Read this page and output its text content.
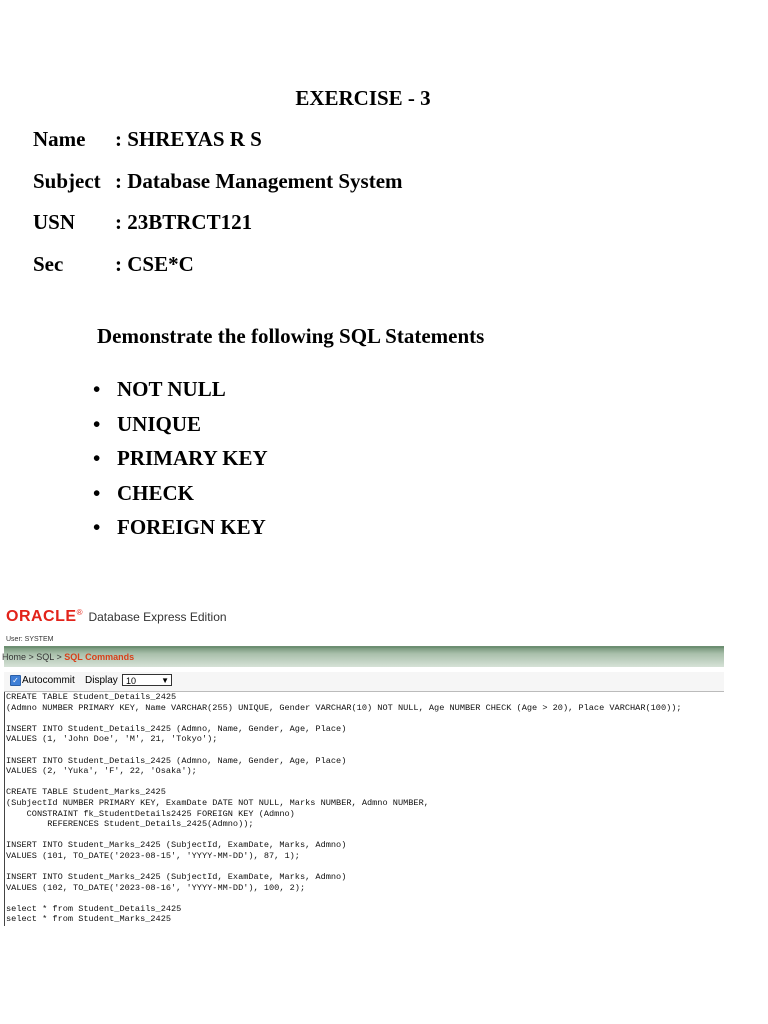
EXERCISE - 3
Name : SHREYAS R S
Subject : Database Management System
USN : 23BTRCT121
Sec : CSE*C
Demonstrate the following SQL Statements
• NOT NULL
• UNIQUE
• PRIMARY KEY
• CHECK
• FOREIGN KEY
ORACLE® Database Express Edition
User: SYSTEM
Home > SQL > SQL Commands
✓ Autocommit Display 10	▼
CREATE TABLE Student_Details_2425
(Admno NUMBER PRIMARY KEY, Name VARCHAR(255) UNIQUE, Gender VARCHAR(10) NOT NULL, Age NUMBER CHECK (Age > 20), Place VARCHAR(100));
INSERT INTO Student_Details_2425 (Admno, Name, Gender, Age, Place)
VALUES (1, 'John Doe', 'M', 21, 'Tokyo');
INSERT INTO Student_Details_2425 (Admno, Name, Gender, Age, Place)
VALUES (2, 'Yuka', 'F', 22, 'Osaka');
CREATE TABLE Student_Marks_2425
(SubjectId NUMBER PRIMARY KEY, ExamDate DATE NOT NULL, Marks NUMBER, Admno NUMBER,
CONSTRAINT fk_StudentDetails2425 FOREIGN KEY (Admno)
REFERENCES Student_Details_2425(Admno));
INSERT INTO Student_Marks_2425 (SubjectId, ExamDate, Marks, Admno)
VALUES (101, TO_DATE('2023-08-15', 'YYYY-MM-DD'), 87, 1);
INSERT INTO Student_Marks_2425 (SubjectId, ExamDate, Marks, Admno)
VALUES (102, TO_DATE('2023-08-16', 'YYYY-MM-DD'), 100, 2);
select * from Student_Details_2425
select * from Student_Marks_2425
